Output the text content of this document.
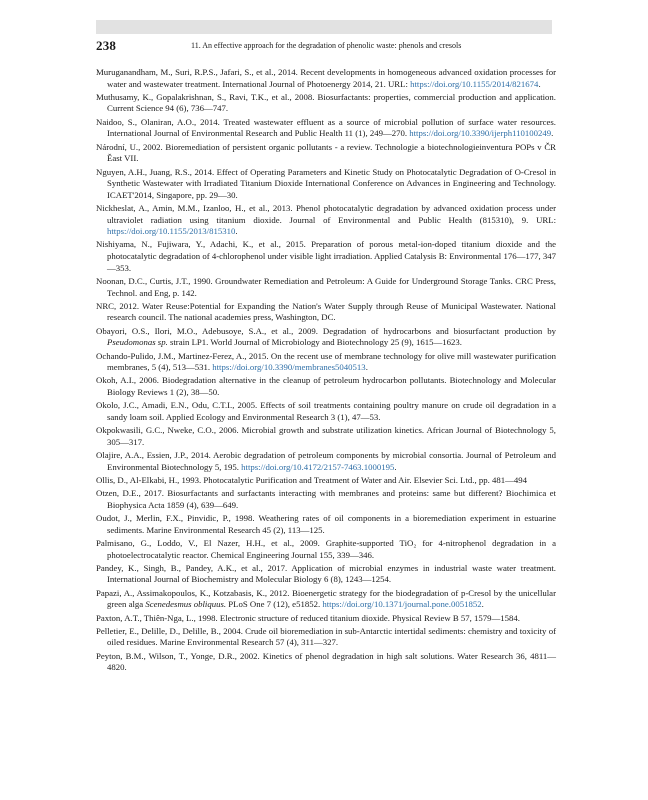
238	11. An effective approach for the degradation of phenolic waste: phenols and cresols

Muruganandham, M., Suri, R.P.S., Jafari, S., et al., 2014. Recent developments in homogeneous advanced oxidation processes for water and wastewater treatment. International Journal of Photoenergy 2014, 21. URL: https://doi.org/10.1155/2014/821674.

Muthusamy, K., Gopalakrishnan, S., Ravi, T.K., et al., 2008. Biosurfactants: properties, commercial production and application. Current Science 94 (6), 736—747.

Naidoo, S., Olaniran, A.O., 2014. Treated wastewater effluent as a source of microbial pollution of surface water resources. International Journal of Environmental Research and Public Health 11 (1), 249—270. https://doi.org/10.3390/ijerph110100249.

Národní, U., 2002. Bioremediation of persistent organic pollutants - a review. Technologie a biotechnologieinventura POPs v ČR Ěast VII.

Nguyen, A.H., Juang, R.S., 2014. Effect of Operating Parameters and Kinetic Study on Photocatalytic Degradation of O-Cresol in Synthetic Wastewater with Irradiated Titanium Dioxide International Conference on Advances in Engineering and Technology. ICAET'2014, Singapore, pp. 29—30.

Nickheslat, A., Amin, M.M., Izanloo, H., et al., 2013. Phenol photocatalytic degradation by advanced oxidation process under ultraviolet radiation using titanium dioxide. Journal of Environmental and Public Health (815310), 9. URL: https://doi.org/10.1155/2013/815310.

Nishiyama, N., Fujiwara, Y., Adachi, K., et al., 2015. Preparation of porous metal-ion-doped titanium dioxide and the photocatalytic degradation of 4-chlorophenol under visible light irradiation. Applied Catalysis B: Environmental 176—177, 347—353.

Noonan, D.C., Curtis, J.T., 1990. Groundwater Remediation and Petroleum: A Guide for Underground Storage Tanks. CRC Press, Technol. and Eng, p. 142.

NRC, 2012. Water Reuse:Potential for Expanding the Nation's Water Supply through Reuse of Municipal Wastewater. National research council. The national academies press, Washington, DC.

Obayori, O.S., Ilori, M.O., Adebusoye, S.A., et al., 2009. Degradation of hydrocarbons and biosurfactant production by Pseudomonas sp. strain LP1. World Journal of Microbiology and Biotechnology 25 (9), 1615—1623.

Ochando-Pulido, J.M., Martinez-Ferez, A., 2015. On the recent use of membrane technology for olive mill wastewater purification membranes, 5 (4), 513—531. https://doi.org/10.3390/membranes5040513.

Okoh, A.I., 2006. Biodegradation alternative in the cleanup of petroleum hydrocarbon pollutants. Biotechnology and Molecular Biology Reviews 1 (2), 38—50.

Okolo, J.C., Amadi, E.N., Odu, C.T.I., 2005. Effects of soil treatments containing poultry manure on crude oil degradation in a sandy loam soil. Applied Ecology and Environmental Research 3 (1), 47—53.

Okpokwasili, G.C., Nweke, C.O., 2006. Microbial growth and substrate utilization kinetics. African Journal of Biotechnology 5, 305—317.

Olajire, A.A., Essien, J.P., 2014. Aerobic degradation of petroleum components by microbial consortia. Journal of Petroleum and Environmental Biotechnology 5, 195. https://doi.org/10.4172/2157-7463.1000195.

Ollis, D., Al-Elkabi, H., 1993. Photocatalytic Purification and Treatment of Water and Air. Elsevier Sci. Ltd., pp. 481—494

Otzen, D.E., 2017. Biosurfactants and surfactants interacting with membranes and proteins: same but different? Biochimica et Biophysica Acta 1859 (4), 639—649.

Oudot, J., Merlin, F.X., Pinvidic, P., 1998. Weathering rates of oil components in a bioremediation experiment in estuarine sediments. Marine Environmental Research 45 (2), 113—125.

Palmisano, G., Loddo, V., El Nazer, H.H., et al., 2009. Graphite-supported TiO₂ for 4-nitrophenol degradation in a photoelectrocatalytic reactor. Chemical Engineering Journal 155, 339—346.

Pandey, K., Singh, B., Pandey, A.K., et al., 2017. Application of microbial enzymes in industrial waste water treatment. International Journal of Biochemistry and Molecular Biology 6 (8), 1243—1254.

Papazi, A., Assimakopoulos, K., Kotzabasis, K., 2012. Bioenergetic strategy for the biodegradation of p-Cresol by the unicellular green alga Scenedesmus obliquus. PLoS One 7 (12), e51852. https://doi.org/10.1371/journal.pone.0051852.

Paxton, A.T., Thiên-Nga, L., 1998. Electronic structure of reduced titanium dioxide. Physical Review B 57, 1579—1584.

Pelletier, E., Delille, D., Delille, B., 2004. Crude oil bioremediation in sub-Antarctic intertidal sediments: chemistry and toxicity of oiled residues. Marine Environmental Research 57 (4), 311—327.

Peyton, B.M., Wilson, T., Yonge, D.R., 2002. Kinetics of phenol degradation in high salt solutions. Water Research 36, 4811—4820.
